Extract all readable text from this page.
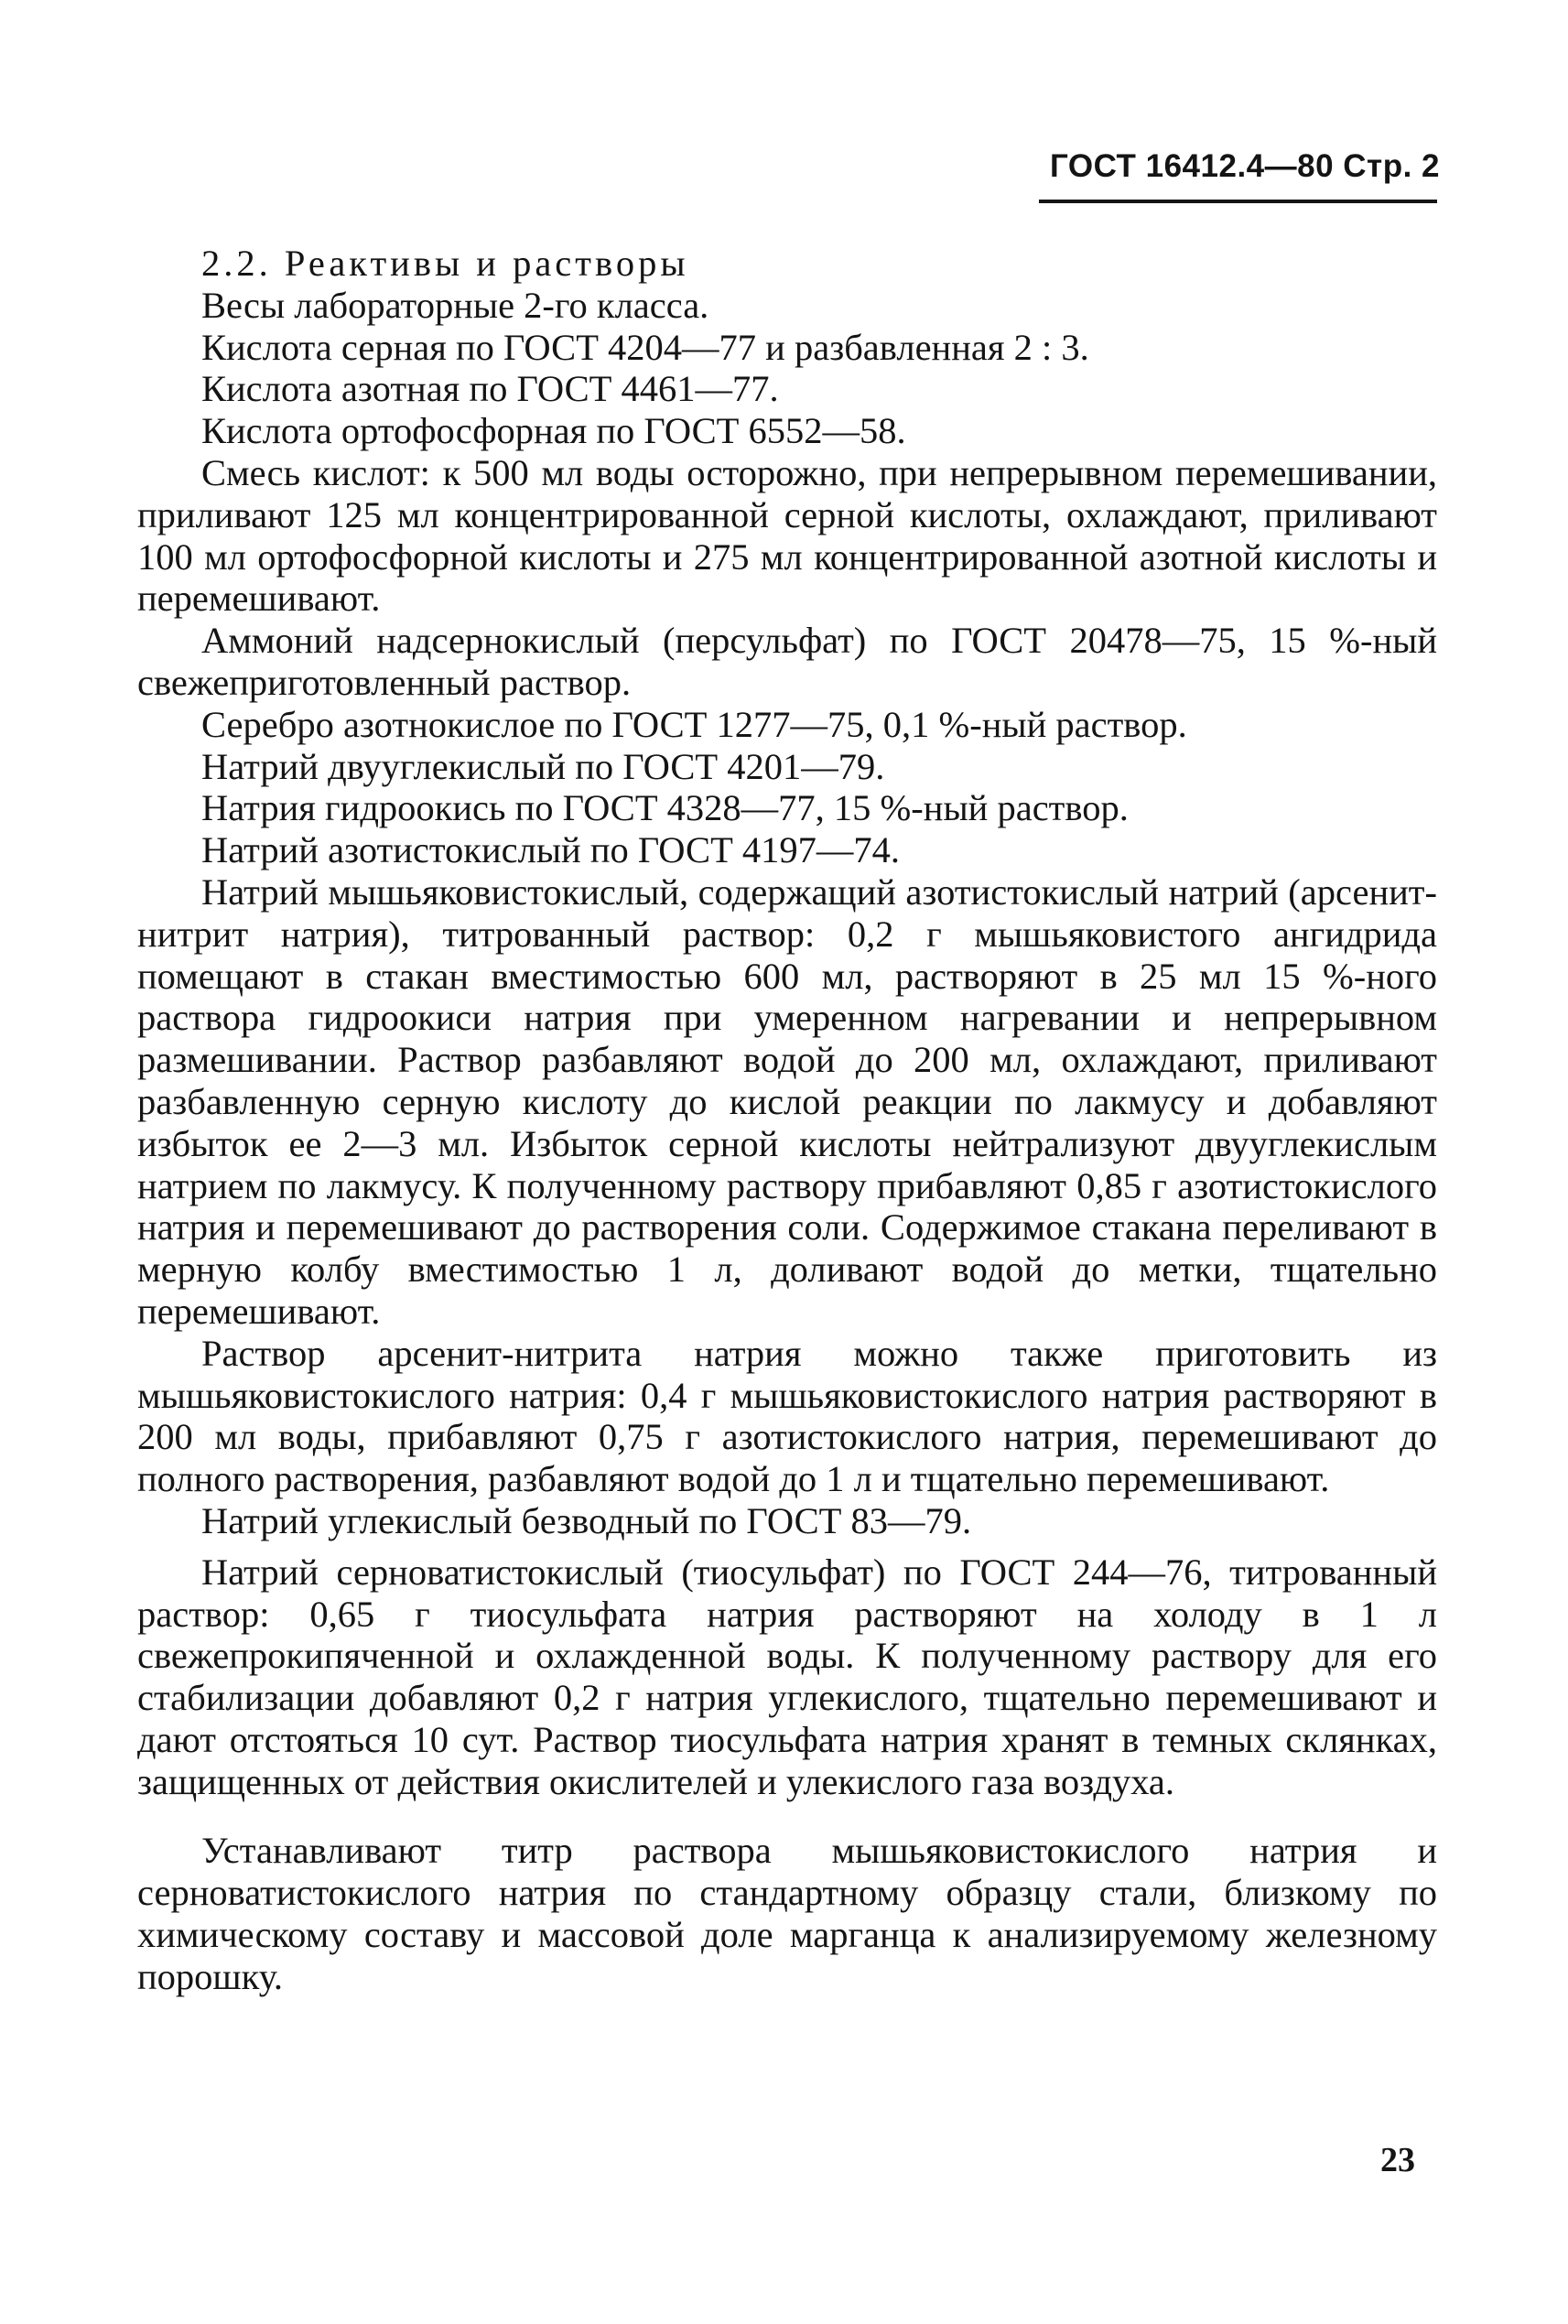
ГОСТ 16412.4—80 Стр. 2

2.2. Реактивы и растворы

Весы лабораторные 2-го класса.

Кислота серная по ГОСТ 4204—77 и разбавленная 2 : 3.

Кислота азотная по ГОСТ 4461—77.

Кислота ортофосфорная по ГОСТ 6552—58.

Смесь кислот: к 500 мл воды осторожно, при непрерывном перемешивании, приливают 125 мл концентрированной серной кислоты, охлаждают, приливают 100 мл ортофосфорной кислоты и 275 мл концентрированной азотной кислоты и перемешивают.

Аммоний надсернокислый (персульфат) по ГОСТ 20478—75, 15 %-ный свежеприготовленный раствор.

Серебро азотнокислое по ГОСТ 1277—75, 0,1 %-ный раствор.

Натрий двууглекислый по ГОСТ 4201—79.

Натрия гидроокись по ГОСТ 4328—77, 15 %-ный раствор.

Натрий азотистокислый по ГОСТ 4197—74.

Натрий мышьяковистокислый, содержащий азотистокислый натрий (арсенит-нитрит натрия), титрованный раствор: 0,2 г мышьяковистого ангидрида помещают в стакан вместимостью 600 мл, растворяют в 25 мл 15 %-ного раствора гидроокиси натрия при умеренном нагревании и непрерывном размешивании. Раствор разбавляют водой до 200 мл, охлаждают, приливают разбавленную серную кислоту до кислой реакции по лакмусу и добавляют избыток ее 2—3 мл. Избыток серной кислоты нейтрализуют двууглекислым натрием по лакмусу. К полученному раствору прибавляют 0,85 г азотистокислого натрия и перемешивают до растворения соли. Содержимое стакана переливают в мерную колбу вместимостью 1 л, доливают водой до метки, тщательно перемешивают.

Раствор арсенит-нитрита натрия можно также приготовить из мышьяковистокислого натрия: 0,4 г мышьяковистокислого натрия растворяют в 200 мл воды, прибавляют 0,75 г азотистокислого натрия, перемешивают до полного растворения, разбавляют водой до 1 л и тщательно перемешивают.

Натрий углекислый безводный по ГОСТ 83—79.

Натрий серноватистокислый (тиосульфат) по ГОСТ 244—76, титрованный раствор: 0,65 г тиосульфата натрия растворяют на холоду в 1 л свежепрокипяченной и охлажденной воды. К полученному раствору для его стабилизации добавляют 0,2 г натрия углекислого, тщательно перемешивают и дают отстояться 10 сут. Раствор тиосульфата натрия хранят в темных склянках, защищенных от действия окислителей и улекислого газа воздуха.

Устанавливают титр раствора мышьяковистокислого натрия и серноватистокислого натрия по стандартному образцу стали, близкому по химическому составу и массовой доле марганца к анализируемому железному порошку.

23
